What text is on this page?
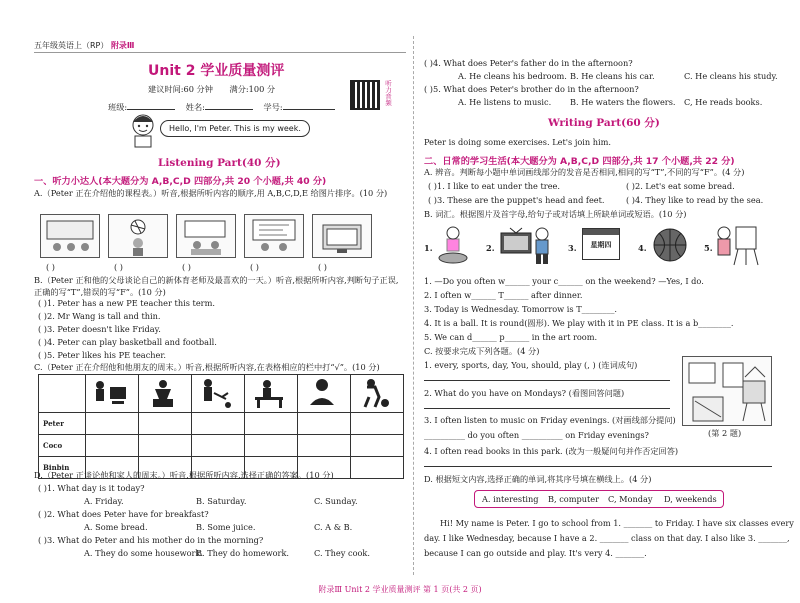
五年级英语上（RP） 附录Ⅲ
Unit 2 学业质量测评
听力音频
建议时间:60 分钟 满分:100 分
班级:	姓名:	学号:
Hello, I'm Peter. This is my week.
Listening Part(40 分)
一、听力小达人(本大题分为 A,B,C,D 四部分,共 20 个小题,共 40 分)
A.（Peter 正在介绍他的课程表。）听音,根据所听内容的顺序,用 A,B,C,D,E 给图片排序。(10 分)
( )	( )	( )	( )	( )
B.（Peter 正和他的父母谈论自己的新体育老师及最喜欢的一天。）听音,根据所听内容,判断句子正误,正确的写“T”,错误的写“F”。(10 分)
( )1. Peter has a new PE teacher this term.
( )2. Mr Wang is tall and thin.
( )3. Peter doesn't like Friday.
( )4. Peter can play basketball and football.
( )5. Peter likes his PE teacher.
C.（Peter 正在介绍他和他朋友的周末。）听音,根据所听内容,在表格相应的栏中打“√”。(10 分)

Peter						
Coco						
Binbin						
D.（Peter 正谈论他和家人的周末。）听音,根据所听内容,选择正确的答案。(10 分)
( )1. What day is it today?
A. Friday.	B. Saturday.	C. Sunday.
( )2. What does Peter have for breakfast?
A. Some bread.	B. Some juice.	C. A & B.
( )3. What do Peter and his mother do in the morning?
A. They do some housework.
B. They do homework.	C. They cook.
( )4. What does Peter's father do in the afternoon?
A. He cleans his bedroom. B. He cleans his car.	C. He cleans his study.
( )5. What does Peter's brother do in the afternoon?
A. He listens to music. B. He waters the flowers. C, He reads books.
Writing Part(60 分)
Peter is doing some exercises. Let's join him.
二、日常的学习生活(本大题分为 A,B,C,D 四部分,共 17 个小题,共 22 分)
A. 辨音。判断每小题中单词画线部分的发音是否相同,相同的写“T”,不同的写“F”。(4 分)
( )1. I like to eat under the tree.	( )2. Let's eat some bread.
( )3. These are the puppet's head and feet.	( )4. They like to read by the sea.
B. 词汇。根据图片及首字母,给句子或对话填上所缺单词或短语。(10 分)
1.	2.	3.	星期四	4.	5.
1. —Do you often w______ your c______ on the weekend? —Yes, I do.
2. I often w______ T______ after dinner.
3. Today is Wednesday. Tomorrow is T________.
4. It is a ball. It is round(圆形). We play with it in PE class. It is a b________.
5. We can d______ p______ in the art room.
C. 按要求完成下列各题。(4 分)
1. every, sports, day, You, should, play (, ) (连词成句)
2. What do you have on Mondays? (看图回答问题)
3. I often listen to music on Friday evenings. (对画线部分提问)
__________ do you often __________ on Friday evenings?
4. I often read books in this park. (改为一般疑问句并作否定回答)
(第 2 题)
D. 根据短文内容,选择正确的单词,将其序号填在横线上。(4 分)
A. interesting B, computer C, Monday D, weekends
Hi! My name is Peter. I go to school from 1. _______ to Friday. I have six classes every
day. I like Wednesday, because I have a 2. _______ class on that day. I also like 3. _______,
because I can go outside and play. It's very 4. _______.
附录Ⅲ Unit 2 学业质量测评 第 1 页(共 2 页)
